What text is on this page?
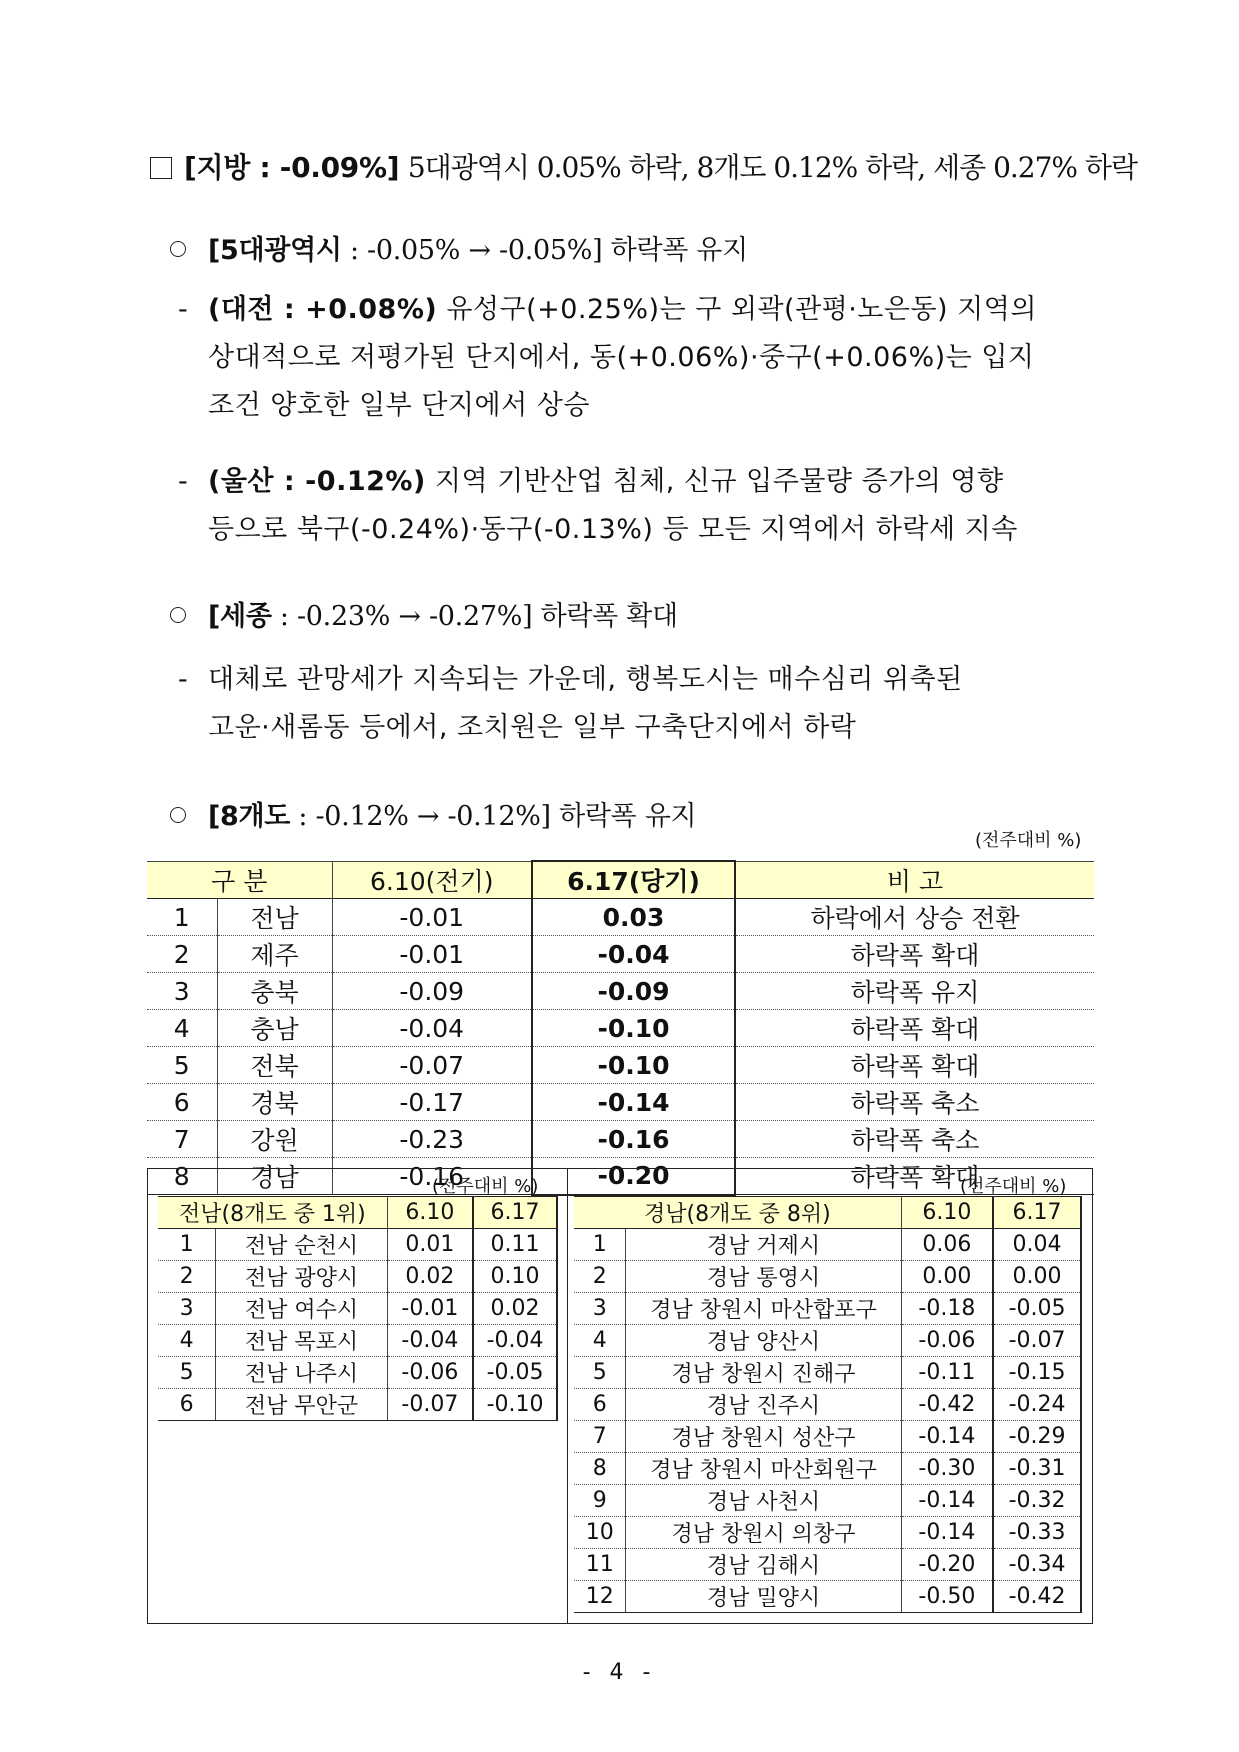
[지방 : -0.09%] 5대광역시 0.05% 하락, 8개도 0.12% 하락, 세종 0.27% 하락
[5대광역시 : -0.05% → -0.05%] 하락폭 유지
- (대전 : +0.08%) 유성구(+0.25%)는 구 외곽(관평·노은동) 지역의
상대적으로 저평가된 단지에서, 동(+0.06%)·중구(+0.06%)는 입지
조건 양호한 일부 단지에서 상승
- (울산 : -0.12%) 지역 기반산업 침체, 신규 입주물량 증가의 영향
등으로 북구(-0.24%)·동구(-0.13%) 등 모든 지역에서 하락세 지속
[세종 : -0.23% → -0.27%] 하락폭 확대
- 대체로 관망세가 지속되는 가운데, 행복도시는 매수심리 위축된
고운·새롬동 등에서, 조치원은 일부 구축단지에서 하락
[8개도 : -0.12% → -0.12%] 하락폭 유지
(전주대비 %)
구 분		6.10(전기)	6.17(당기)	비 고
1	전남	-0.01	0.03	하락에서 상승 전환
2	제주	-0.01	-0.04	하락폭 확대
3	충북	-0.09	-0.09	하락폭 유지
4	충남	-0.04	-0.10	하락폭 확대
5	전북	-0.07	-0.10	하락폭 확대
6	경북	-0.17	-0.14	하락폭 축소
7	강원	-0.23	-0.16	하락폭 축소
8	경남	-0.16	-0.20	하락폭 확대
(전주대비 %)	(전주대비 %)
전남(8개도 중 1위)		6.10	6.17
1	전남 순천시	0.01	0.11
2	전남 광양시	0.02	0.10
3	전남 여수시	-0.01	0.02
4	전남 목포시	-0.04	-0.04
5	전남 나주시	-0.06	-0.05
6	전남 무안군	-0.07	-0.10
경남(8개도 중 8위)		6.10	6.17
1	경남 거제시	0.06	0.04
2	경남 통영시	0.00	0.00
3	경남 창원시 마산합포구	-0.18	-0.05
4	경남 양산시	-0.06	-0.07
5	경남 창원시 진해구	-0.11	-0.15
6	경남 진주시	-0.42	-0.24
7	경남 창원시 성산구	-0.14	-0.29
8	경남 창원시 마산회원구	-0.30	-0.31
9	경남 사천시	-0.14	-0.32
10	경남 창원시 의창구	-0.14	-0.33
11	경남 김해시	-0.20	-0.34
12	경남 밀양시	-0.50	-0.42
- 4 -
